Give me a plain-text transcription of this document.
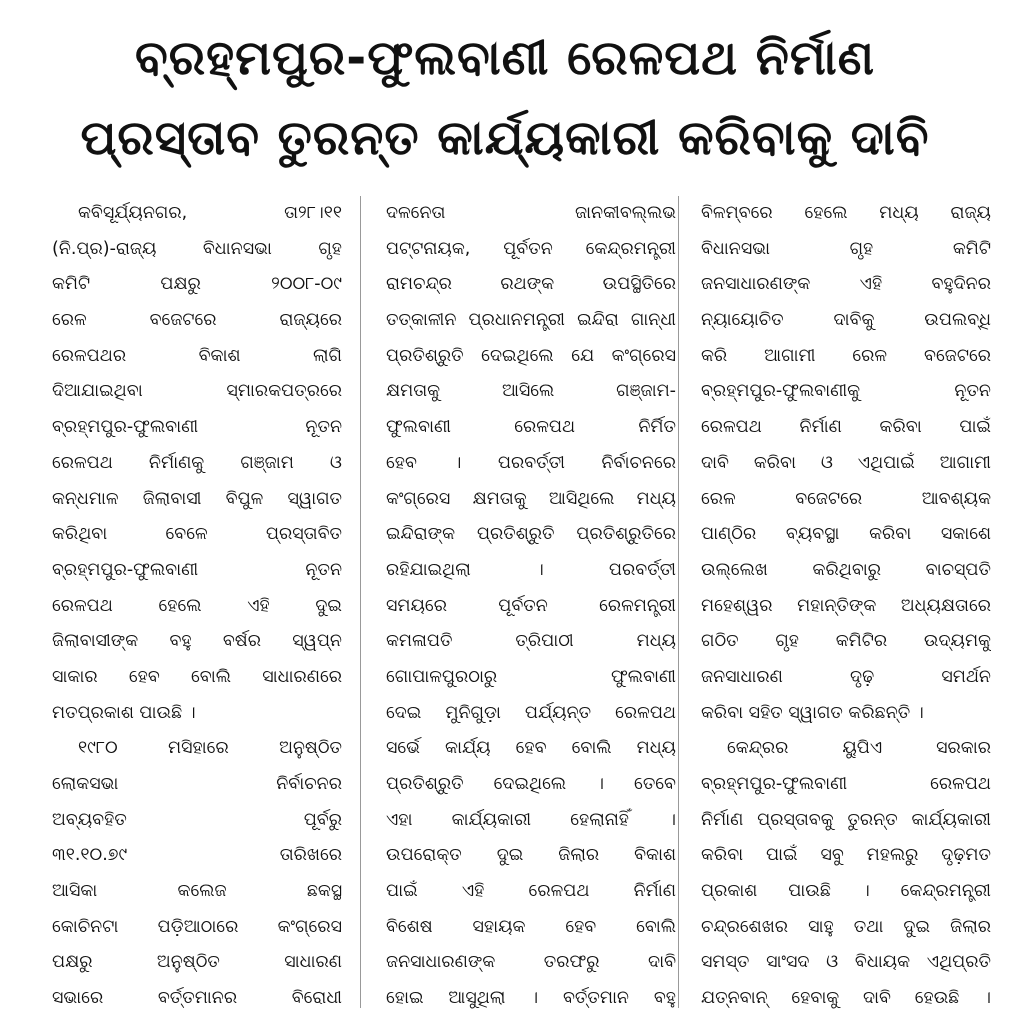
ବ୍ରହ୍ମପୁର-ଫୁଲବାଣୀ ରେଳପଥ ନିର୍ମାଣ
ପ୍ରସ୍ତାବ ତୁରନ୍ତ କାର୍ଯ୍ୟକାରୀ କରିବାକୁ ଦାବି
କବିସୂର୍ଯ୍ୟନଗର, ତା୨୮।୧୧
(ନି.ପ୍ର)-ରାଜ୍ୟ ବିଧାନସଭା ଗୃହ
କମିଟି ପକ୍ଷରୁ ୨୦୦୮-୦୯
ରେଳ ବଜେଟରେ ରାଜ୍ୟରେ
ରେଳପଥର ବିକାଶ ଲାଗି
ଦିଆଯାଇଥିବା ସ୍ମାରକପତ୍ରରେ
ବ୍ରହ୍ମପୁର-ଫୁଲବାଣୀ ନୂତନ
ରେଳପଥ ନିର୍ମାଣକୁ ଗଞ୍ଜାମ ଓ
କନ୍ଧମାଳ ଜିଲାବାସୀ ବିପୁଳ ସ୍ୱାଗତ
କରିଥିବା ବେଳେ ପ୍ରସ୍ତାବିତ
ବ୍ରହ୍ମପୁର-ଫୁଲବାଣୀ ନୂତନ
ରେଳପଥ ହେଲେ ଏହି ଦୁଇ
ଜିଲାବାସୀଙ୍କ ବହୁ ବର୍ଷର ସ୍ୱପ୍ନ
ସାକାର ହେବ ବୋଲି ସାଧାରଣରେ
ମତପ୍ରକାଶ ପାଉଛି ।
୧୯୮୦ ମସିହାରେ ଅନୁଷ୍ଠିତ
ଲୋକସଭା ନିର୍ବାଚନର
ଅବ୍ୟବହିତ ପୂର୍ବରୁ
୩୧.୧୦.୭୯ ତାରିଖରେ
ଆସିକା କଲେଜ ଛକସ୍ଥ
କୋଚିନଟା ପଡ଼ିଆଠାରେ କଂଗ୍ରେସ
ପକ୍ଷରୁ ଅନୁଷ୍ଠିତ ସାଧାରଣ
ସଭାରେ ବର୍ତ୍ତମାନର ବିରୋଧୀ
ଦଳନେତା ଜାନକୀବଲ୍ଲଭ
ପଟ୍ଟନାୟକ, ପୂର୍ବତନ କେନ୍ଦ୍ରମନ୍ତ୍ରୀ
ରାମଚନ୍ଦ୍ର ରଥଙ୍କ ଉପସ୍ଥିତିରେ
ତତ୍କାଳୀନ ପ୍ରଧାନମନ୍ତ୍ରୀ ଇନ୍ଦିରା ଗାନ୍ଧୀ
ପ୍ରତିଶ୍ରୁତି ଦେଇଥିଲେ ଯେ କଂଗ୍ରେସ
କ୍ଷମତାକୁ ଆସିଲେ ଗଞ୍ଜାମ-
ଫୁଲବାଣୀ ରେଳପଥ ନିର୍ମିତ
ହେବ । ପରବର୍ତ୍ତୀ ନିର୍ବାଚନରେ
କଂଗ୍ରେସ କ୍ଷମତାକୁ ଆସିଥିଲେ ମଧ୍ୟ
ଇନ୍ଦିରାଙ୍କ ପ୍ରତିଶ୍ରୁତି ପ୍ରତିଶ୍ରୁତିରେ
ରହିଯାଇଥିଲା । ପରବର୍ତ୍ତୀ
ସମୟରେ ପୂର୍ବତନ ରେଳମନ୍ତ୍ରୀ
କମଳାପତି ତ୍ରିପାଠୀ ମଧ୍ୟ
ଗୋପାଳପୁରଠାରୁ ଫୁଲବାଣୀ
ଦେଇ ମୁନିଗୁଡ଼ା ପର୍ଯ୍ୟନ୍ତ ରେଳପଥ
ସର୍ଭେ କାର୍ଯ୍ୟ ହେବ ବୋଲି ମଧ୍ୟ
ପ୍ରତିଶ୍ରୁତି ଦେଇଥିଲେ । ତେବେ
ଏହା କାର୍ଯ୍ୟକାରୀ ହେଲାନାହିଁ ।
ଉପରୋକ୍ତ ଦୁଇ ଜିଲାର ବିକାଶ
ପାଇଁ ଏହି ରେଳପଥ ନିର୍ମାଣ
ବିଶେଷ ସହାୟକ ହେବ ବୋଲି
ଜନସାଧାରଣଙ୍କ ତରଫରୁ ଦାବି
ହୋଇ ଆସୁଥିଲା । ବର୍ତ୍ତମାନ ବହୁ
ବିଳମ୍ବରେ ହେଲେ ମଧ୍ୟ ରାଜ୍ୟ
ବିଧାନସଭା ଗୃହ କମିଟି
ଜନସାଧାରଣଙ୍କ ଏହି ବହୁଦିନର
ନ୍ୟାୟୋଚିତ ଦାବିକୁ ଉପଲବ୍ଧି
କରି ଆଗାମୀ ରେଳ ବଜେଟରେ
ବ୍ରହ୍ମପୁର-ଫୁଲବାଣୀକୁ ନୂତନ
ରେଳପଥ ନିର୍ମାଣ କରିବା ପାଇଁ
ଦାବି କରିବା ଓ ଏଥିପାଇଁ ଆଗାମୀ
ରେଳ ବଜେଟରେ ଆବଶ୍ୟକ
ପାଣ୍ଠିର ବ୍ୟବସ୍ଥା କରିବା ସକାଶେ
ଉଲ୍ଲେଖ କରିଥିବାରୁ ବାଚସ୍ପତି
ମହେଶ୍ୱର ମହାନ୍ତିଙ୍କ ଅଧ୍ୟକ୍ଷତାରେ
ଗଠିତ ଗୃହ କମିଟିର ଉଦ୍ୟମକୁ
ଜନସାଧାରଣ ଦୃଢ଼ ସମର୍ଥନ
କରିବା ସହିତ ସ୍ୱାଗତ କରିଛନ୍ତି ।
କେନ୍ଦ୍ରର ୟୁପିଏ ସରକାର
ବ୍ରହ୍ମପୁର-ଫୁଲବାଣୀ ରେଳପଥ
ନିର୍ମାଣ ପ୍ରସ୍ତାବକୁ ତୁରନ୍ତ କାର୍ଯ୍ୟକାରୀ
କରିବା ପାଇଁ ସବୁ ମହଲରୁ ଦୃଢ଼ମତ
ପ୍ରକାଶ ପାଉଛି । କେନ୍ଦ୍ରମନ୍ତ୍ରୀ
ଚନ୍ଦ୍ରଶେଖର ସାହୁ ତଥା ଦୁଇ ଜିଲାର
ସମସ୍ତ ସାଂସଦ ଓ ବିଧାୟକ ଏଥିପ୍ରତି
ଯତ୍ନବାନ୍ ହେବାକୁ ଦାବି ହେଉଛି ।
